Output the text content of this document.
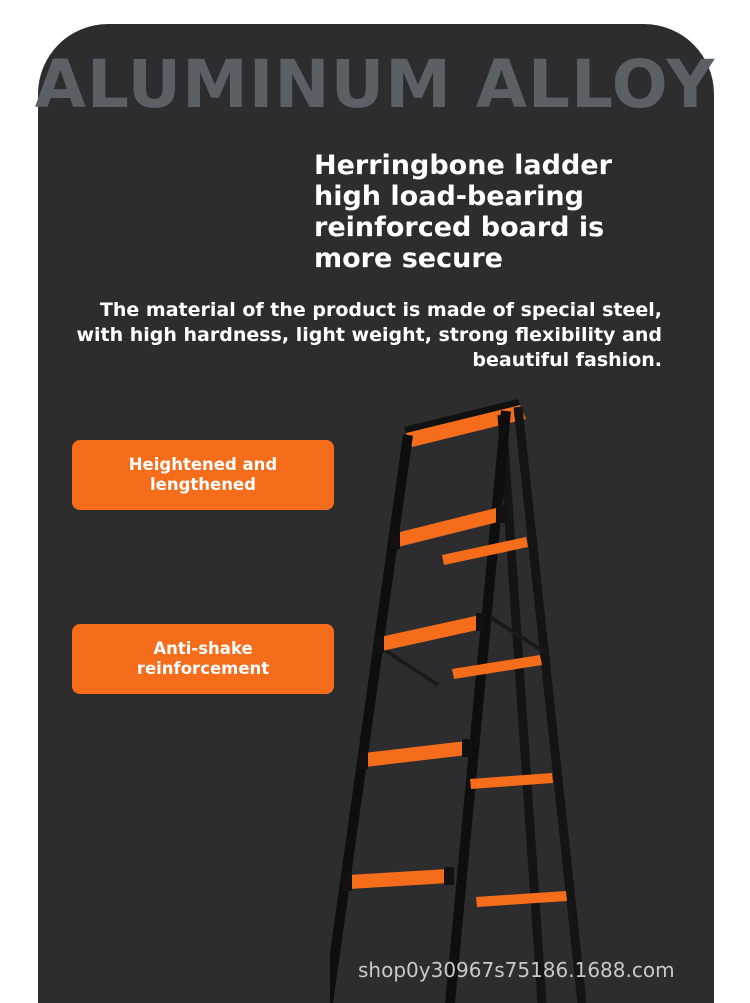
ALUMINUM ALLOY

Herringbone ladder high load-bearing reinforced board is more secure

The material of the product is made of special steel, with high hardness, light weight, strong flexibility and beautiful fashion.

Heightened and lengthened
Anti-shake reinforcement
shop0y30967s75186.1688.com
